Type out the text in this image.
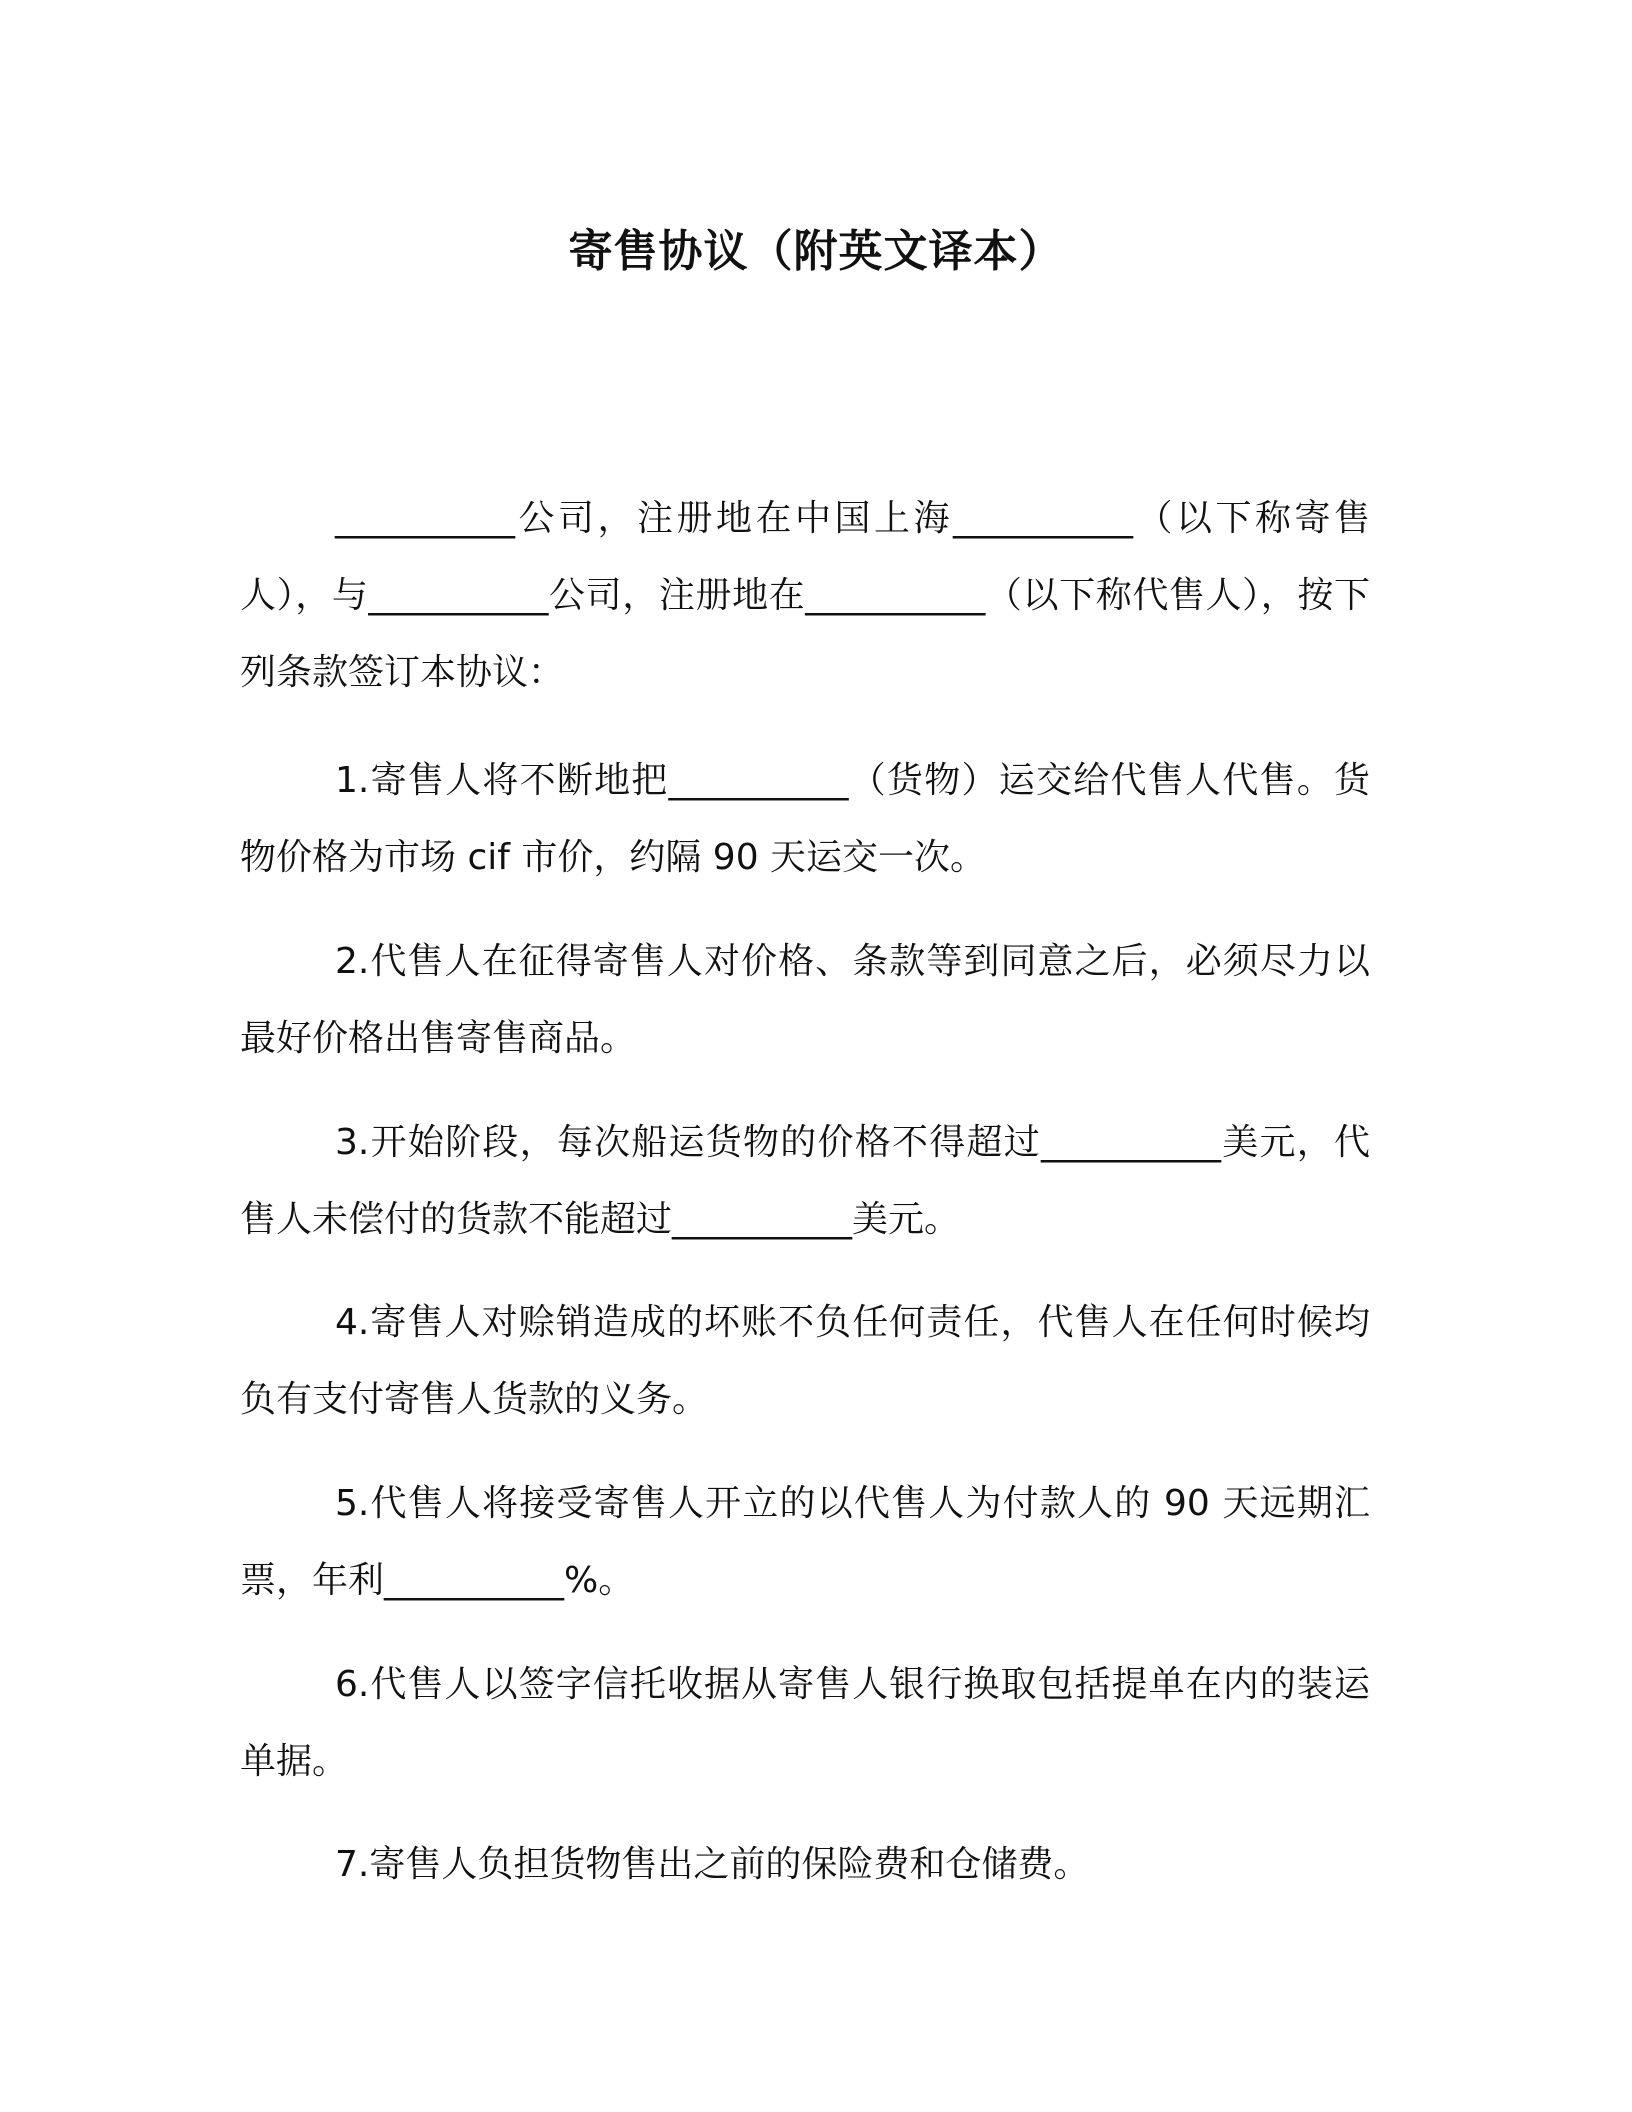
寄售协议（附英文译本）

__________公司，注册地在中国上海__________（以下称寄售人），与__________公司，注册地在__________（以下称代售人），按下列条款签订本协议：

1.寄售人将不断地把__________（货物）运交给代售人代售。货物价格为市场 cif 市价，约隔 90 天运交一次。

2.代售人在征得寄售人对价格、条款等到同意之后，必须尽力以最好价格出售寄售商品。

3.开始阶段，每次船运货物的价格不得超过__________美元，代售人未偿付的货款不能超过__________美元。

4.寄售人对赊销造成的坏账不负任何责任，代售人在任何时候均负有支付寄售人货款的义务。

5.代售人将接受寄售人开立的以代售人为付款人的 90 天远期汇票，年利__________%。

6.代售人以签字信托收据从寄售人银行换取包括提单在内的装运单据。

7.寄售人负担货物售出之前的保险费和仓储费。
